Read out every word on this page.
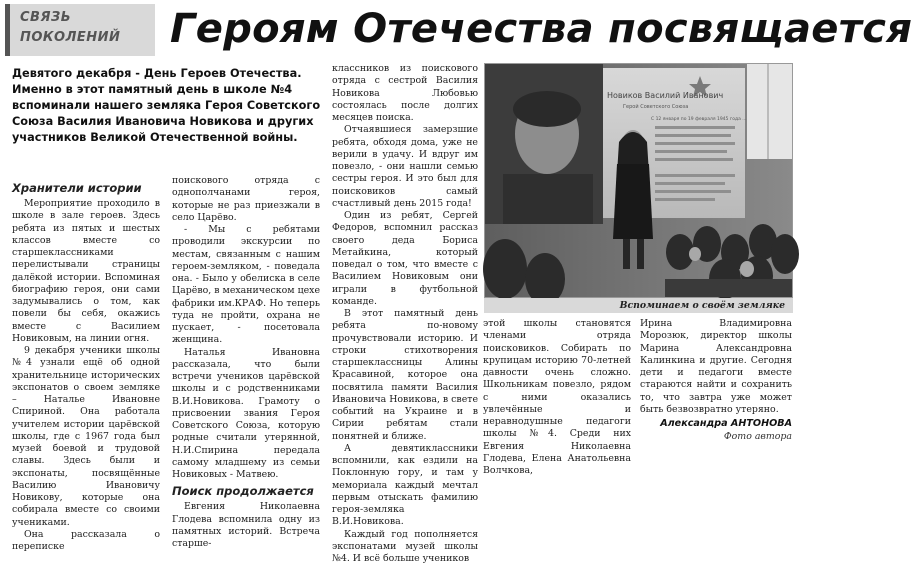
СВЯЗЬ
ПОКОЛЕНИЙ	Героям Отечества посвящается
Девятого декабря - День Героев Отечества. Именно в этот памятный день в школе №4 вспоминали нашего земляка Героя Советского Союза Василия Ивановича Новикова и других участников Великой Отечественной войны.
Хранители истории

Мероприятие проходило в школе в зале героев. Здесь ребята из пятых и шестых классов вместе со старшеклассниками перелистывали страницы далёкой истории. Вспоминая биографию героя, они сами задумывались о том, как повели бы себя, окажись вместе с Василием Новиковым, на линии огня.

9 декабря ученики школы №4 узнали ещё об одной хранительнице исторических экспонатов о своем земляке – Наталье Ивановне Спириной. Она работала учителем истории царёвской школы, где с 1967 года был музей боевой и трудовой славы. Здесь были и экспонаты, посвящённые Василию Ивановичу Новикову, которые она собирала вместе со своими учениками.

Она рассказала о переписке

поискового отряда с однополчанами героя, которые не раз приезжали в село Царёво.

- Мы с ребятами проводили экскурсии по местам, связанным с нашим героем-земляком, - поведала она. - Было у обелиска в селе Царёво, в механическом цехе фабрики им.КРАФ. Но теперь туда не пройти, охрана не пускает, - посетовала женщина.

Наталья Ивановна рассказала, что были встречи учеников царёвской школы и с родственниками В.И.Новикова. Грамоту о присвоении звания Героя Советского Союза, которую родные считали утерянной, Н.И.Спирина передала самому младшему из семьи Новиковых - Матвею.

Поиск продолжается

Евгения Николаевна Глодева вспомнила одну из памятных историй. Встреча старше-

классников из поискового отряда с сестрой Василия Новикова Любовью состоялась после долгих месяцев поиска.

Отчаявшиеся замерзшие ребята, обходя дома, уже не верили в удачу. И вдруг им повезло, - они нашли семью сестры героя. И это был для поисковиков самый счастливый день 2015 года!

Один из ребят, Сергей Федоров, вспомнил рассказ своего деда Бориса Метайкина, который поведал о том, что вместе с Василием Новиковым они играли в футбольной команде.

В этот памятный день ребята по-новому прочувствовали историю. И строки стихотворения старшеклассницы Алины Красавиной, которое она посвятила памяти Василия Ивановича Новикова, в свете событий на Украине и в Сирии ребятам стали понятней и ближе.

А девятиклассники вспомнили, как ездили на Поклонную гору, и там у мемориала каждый мечтал первым отыскать фамилию героя-земляка В.И.Новикова.

Каждый год пополняется экспонатами музей школы №4. И всё больше учеников

Новиков Василий Иванович
Герой Советского Союза
С 12 января по 19 февраля 1945 года ...
Вспоминаем о своём земляке

этой школы становятся членами отряда поисковиков. Собирать по крупицам историю 70-летней давности очень сложно. Школьникам повезло, рядом с ними оказались увлечённые и неравнодушные педагоги школы №4. Среди них Евгения Николаевна Глодева, Елена Анатольевна Волчкова,

Ирина Владимировна Морозюк, директор школы Марина Александровна Калинкина и другие. Сегодня дети и педагоги вместе стараются найти и сохранить то, что завтра уже может быть безвозвратно утеряно.

Александра АНТОНОВА
Фото автора
